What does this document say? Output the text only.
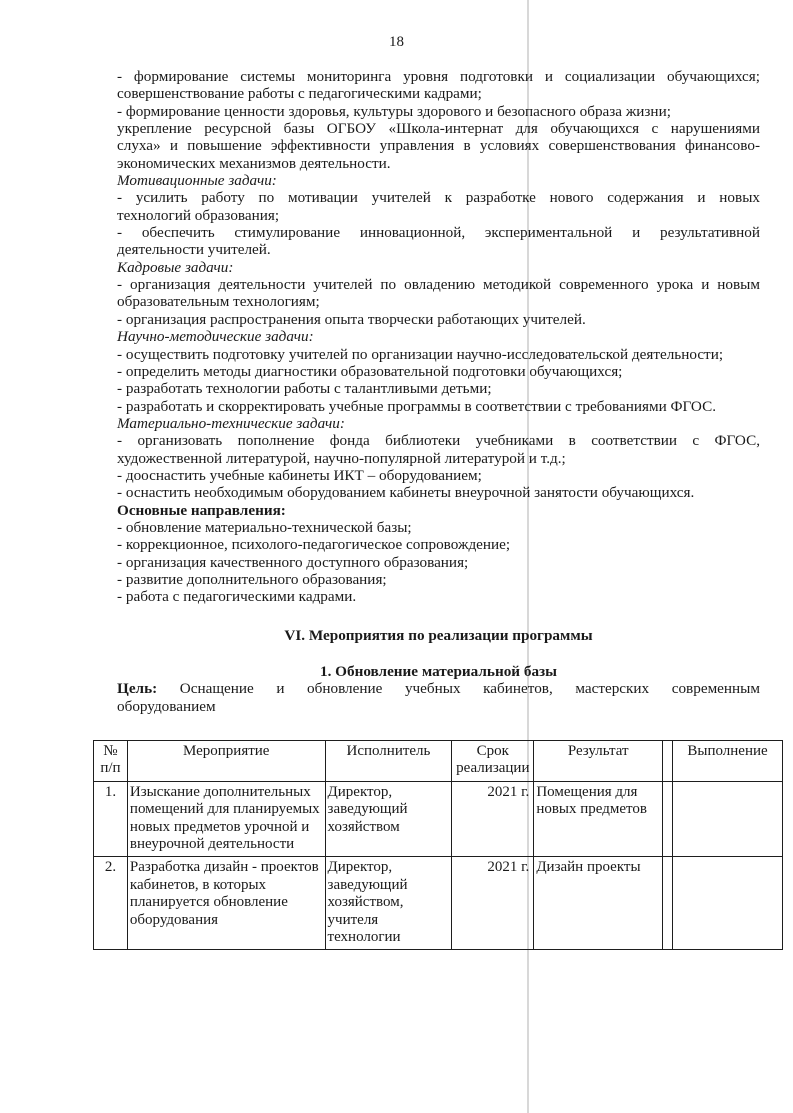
18

- формирование системы мониторинга уровня подготовки и социализации обучающихся;

совершенствование работы с педагогическими кадрами;

- формирование ценности здоровья, культуры здорового и безопасного образа жизни;

укрепление ресурсной базы ОГБОУ «Школа-интернат для обучающихся с нарушениями

слуха» и повышение эффективности управления в условиях совершенствования финансово-

экономических механизмов деятельности.

Мотивационные задачи:

- усилить работу по мотивации учителей к разработке нового содержания и новых

технологий образования;

- обеспечить стимулирование инновационной, экспериментальной и результативной

деятельности учителей.

Кадровые задачи:

- организация деятельности учителей по овладению методикой современного урока и новым

образовательным технологиям;

- организация распространения опыта творчески работающих учителей.

Научно-методические задачи:

- осуществить подготовку учителей по организации научно-исследовательской деятельности;

- определить методы диагностики образовательной подготовки обучающихся;

- разработать технологии работы с талантливыми детьми;

- разработать и скорректировать учебные программы в соответствии с требованиями ФГОС.

Материально-технические задачи:

- организовать пополнение фонда библиотеки учебниками в соответствии с ФГОС,

художественной литературой, научно-популярной литературой и т.д.;

- дооснастить учебные кабинеты ИКТ – оборудованием;

- оснастить необходимым оборудованием кабинеты внеурочной занятости обучающихся.

Основные направления:

- обновление материально-технической базы;

- коррекционное, психолого-педагогическое сопровождение;

- организация качественного доступного образования;

- развитие дополнительного образования;

- работа с педагогическими кадрами.

VI. Мероприятия по реализации программы

1. Обновление материальной базы

Цель: Оснащение и обновление учебных кабинетов, мастерских современным
оборудованием
№ п/п	Мероприятие	Исполнитель	Срок реализации	Результат		Выполнение
1.	Изыскание дополнительных помещений для планируемых новых предметов урочной и внеурочной деятельности	Директор, заведующий хозяйством	2021 г.	Помещения для новых предметов		
2.	Разработка дизайн - проектов кабинетов, в которых планируется обновление оборудования	Директор, заведующий хозяйством, учителя технологии	2021 г.	Дизайн проекты		
